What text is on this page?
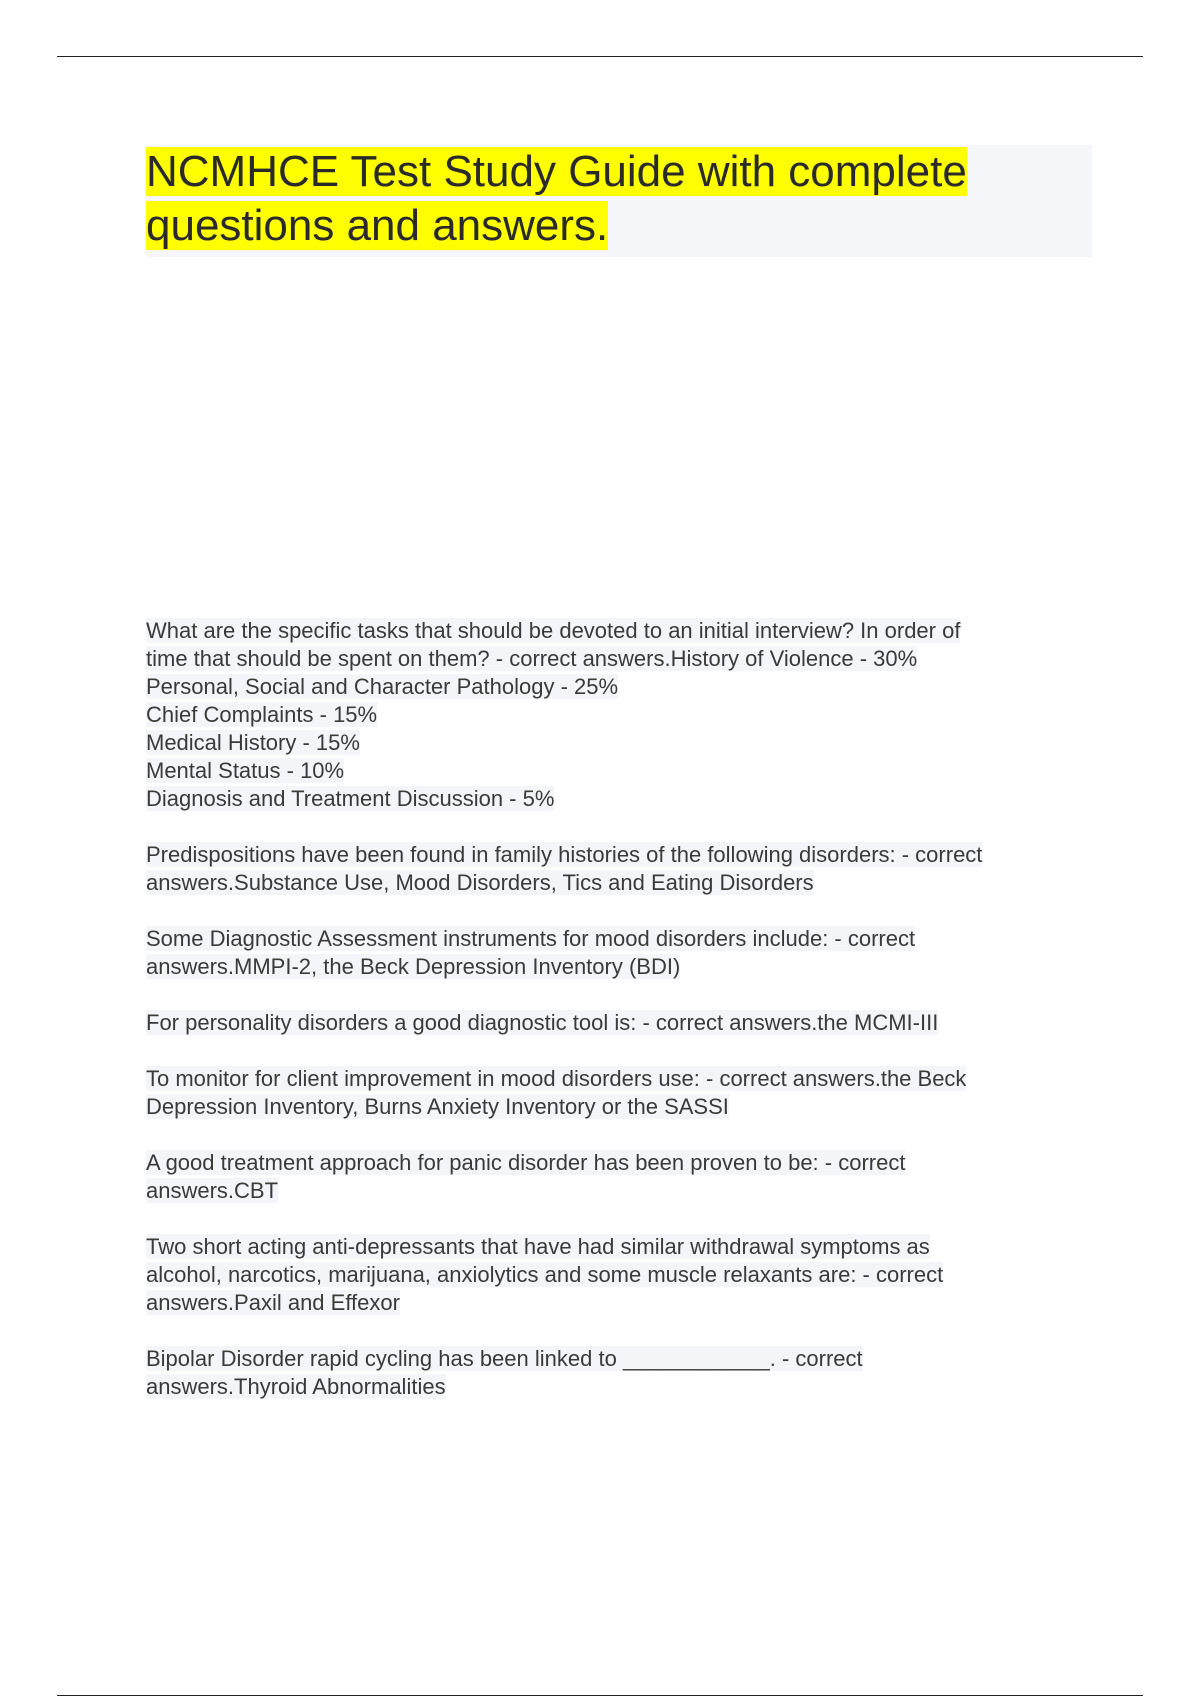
NCMHCE Test Study Guide with complete
questions and answers.
What are the specific tasks that should be devoted to an initial interview? In order of
time that should be spent on them? - correct answers.History of Violence - 30%
Personal, Social and Character Pathology - 25%
Chief Complaints - 15%
Medical History - 15%
Mental Status - 10%
Diagnosis and Treatment Discussion - 5%
Predispositions have been found in family histories of the following disorders: - correct
answers.Substance Use, Mood Disorders, Tics and Eating Disorders
Some Diagnostic Assessment instruments for mood disorders include: - correct
answers.MMPI-2, the Beck Depression Inventory (BDI)
For personality disorders a good diagnostic tool is: - correct answers.the MCMI-III
To monitor for client improvement in mood disorders use: - correct answers.the Beck
Depression Inventory, Burns Anxiety Inventory or the SASSI
A good treatment approach for panic disorder has been proven to be: - correct
answers.CBT
Two short acting anti-depressants that have had similar withdrawal symptoms as
alcohol, narcotics, marijuana, anxiolytics and some muscle relaxants are: - correct
answers.Paxil and Effexor
Bipolar Disorder rapid cycling has been linked to ____________. - correct
answers.Thyroid Abnormalities
